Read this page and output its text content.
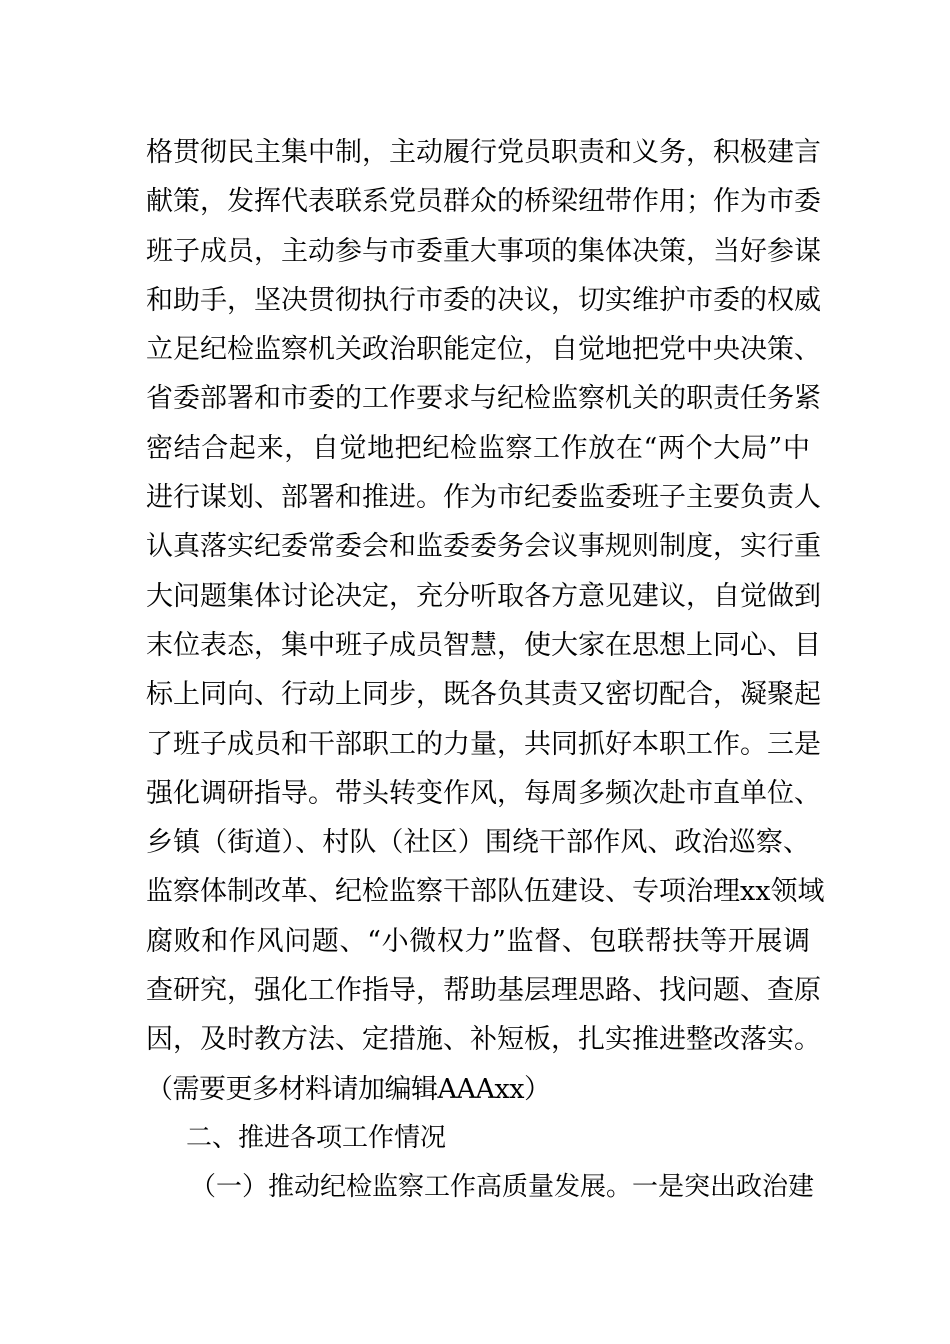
格贯彻民主集中制，主动履行党员职责和义务，积极建言
献策，发挥代表联系党员群众的桥梁纽带作用；作为市委
班子成员，主动参与市委重大事项的集体决策，当好参谋
和助手，坚决贯彻执行市委的决议，切实维护市委的权威
立足纪检监察机关政治职能定位，自觉地把党中央决策、
省委部署和市委的工作要求与纪检监察机关的职责任务紧
密结合起来，自觉地把纪检监察工作放在“两个大局”中
进行谋划、部署和推进。作为市纪委监委班子主要负责人
认真落实纪委常委会和监委委务会议事规则制度，实行重
大问题集体讨论决定，充分听取各方意见建议，自觉做到
末位表态，集中班子成员智慧，使大家在思想上同心、目
标上同向、行动上同步，既各负其责又密切配合，凝聚起
了班子成员和干部职工的力量，共同抓好本职工作。三是
强化调研指导。带头转变作风，每周多频次赴市直单位、
乡镇（街道）、村队（社区）围绕干部作风、政治巡察、
监察体制改革、纪检监察干部队伍建设、专项治理xx领域
腐败和作风问题、“小微权力”监督、包联帮扶等开展调
查研究，强化工作指导，帮助基层理思路、找问题、查原
因，及时教方法、定措施、补短板，扎实推进整改落实。
（需要更多材料请加编辑AAAxx）
二、推进各项工作情况
（一）推动纪检监察工作高质量发展。一是突出政治建
